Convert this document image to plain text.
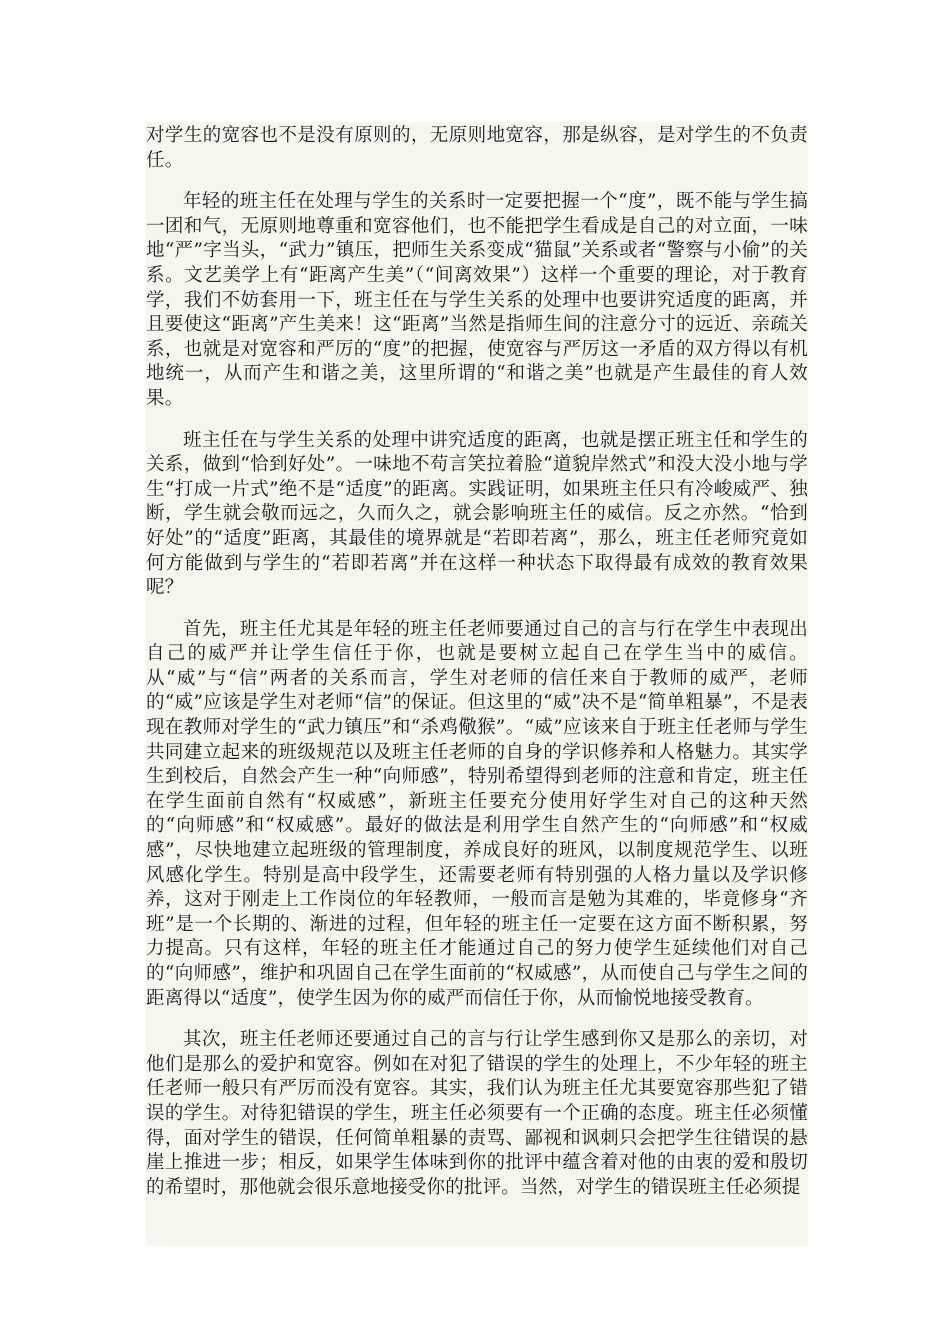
对学生的宽容也不是没有原则的，无原则地宽容，那是纵容，是对学生的不负责任。

年轻的班主任在处理与学生的关系时一定要把握一个“度”，既不能与学生搞一团和气，无原则地尊重和宽容他们，也不能把学生看成是自己的对立面，一味地“严”字当头，“武力”镇压，把师生关系变成“猫鼠”关系或者“警察与小偷”的关系。文艺美学上有“距离产生美”（“间离效果”）这样一个重要的理论，对于教育学，我们不妨套用一下，班主任在与学生关系的处理中也要讲究适度的距离，并且要使这“距离”产生美来！这“距离”当然是指师生间的注意分寸的远近、亲疏关系，也就是对宽容和严厉的“度”的把握，使宽容与严厉这一矛盾的双方得以有机地统一，从而产生和谐之美，这里所谓的“和谐之美”也就是产生最佳的育人效果。

班主任在与学生关系的处理中讲究适度的距离，也就是摆正班主任和学生的关系，做到“恰到好处”。一味地不苟言笑拉着脸“道貌岸然式”和没大没小地与学生“打成一片式”绝不是“适度”的距离。实践证明，如果班主任只有冷峻威严、独断，学生就会敬而远之，久而久之，就会影响班主任的威信。反之亦然。“恰到好处”的“适度”距离，其最佳的境界就是“若即若离”，那么，班主任老师究竟如何方能做到与学生的“若即若离”并在这样一种状态下取得最有成效的教育效果呢？

首先，班主任尤其是年轻的班主任老师要通过自己的言与行在学生中表现出自己的威严并让学生信任于你，也就是要树立起自己在学生当中的威信。从“威”与“信”两者的关系而言，学生对老师的信任来自于教师的威严，老师的“威”应该是学生对老师“信”的保证。但这里的“威”决不是“简单粗暴”，不是表现在教师对学生的“武力镇压”和“杀鸡儆猴”。“威”应该来自于班主任老师与学生共同建立起来的班级规范以及班主任老师的自身的学识修养和人格魅力。其实学生到校后，自然会产生一种“向师感”，特别希望得到老师的注意和肯定，班主任在学生面前自然有“权威感”，新班主任要充分使用好学生对自己的这种天然的“向师感”和“权威感”。最好的做法是利用学生自然产生的“向师感”和“权威感”，尽快地建立起班级的管理制度，养成良好的班风，以制度规范学生、以班风感化学生。特别是高中段学生，还需要老师有特别强的人格力量以及学识修养，这对于刚走上工作岗位的年轻教师，一般而言是勉为其难的，毕竟修身“齐班”是一个长期的、渐进的过程，但年轻的班主任一定要在这方面不断积累，努力提高。只有这样，年轻的班主任才能通过自己的努力使学生延续他们对自己的“向师感”，维护和巩固自己在学生面前的“权威感”，从而使自己与学生之间的距离得以“适度”，使学生因为你的威严而信任于你，从而愉悦地接受教育。

其次，班主任老师还要通过自己的言与行让学生感到你又是那么的亲切，对他们是那么的爱护和宽容。例如在对犯了错误的学生的处理上，不少年轻的班主任老师一般只有严厉而没有宽容。其实，我们认为班主任尤其要宽容那些犯了错误的学生。对待犯错误的学生，班主任必须要有一个正确的态度。班主任必须懂得，面对学生的错误，任何简单粗暴的责骂、鄙视和讽刺只会把学生往错误的悬崖上推进一步；相反，如果学生体味到你的批评中蕴含着对他的由衷的爱和殷切的希望时，那他就会很乐意地接受你的批评。当然，对学生的错误班主任必须提
